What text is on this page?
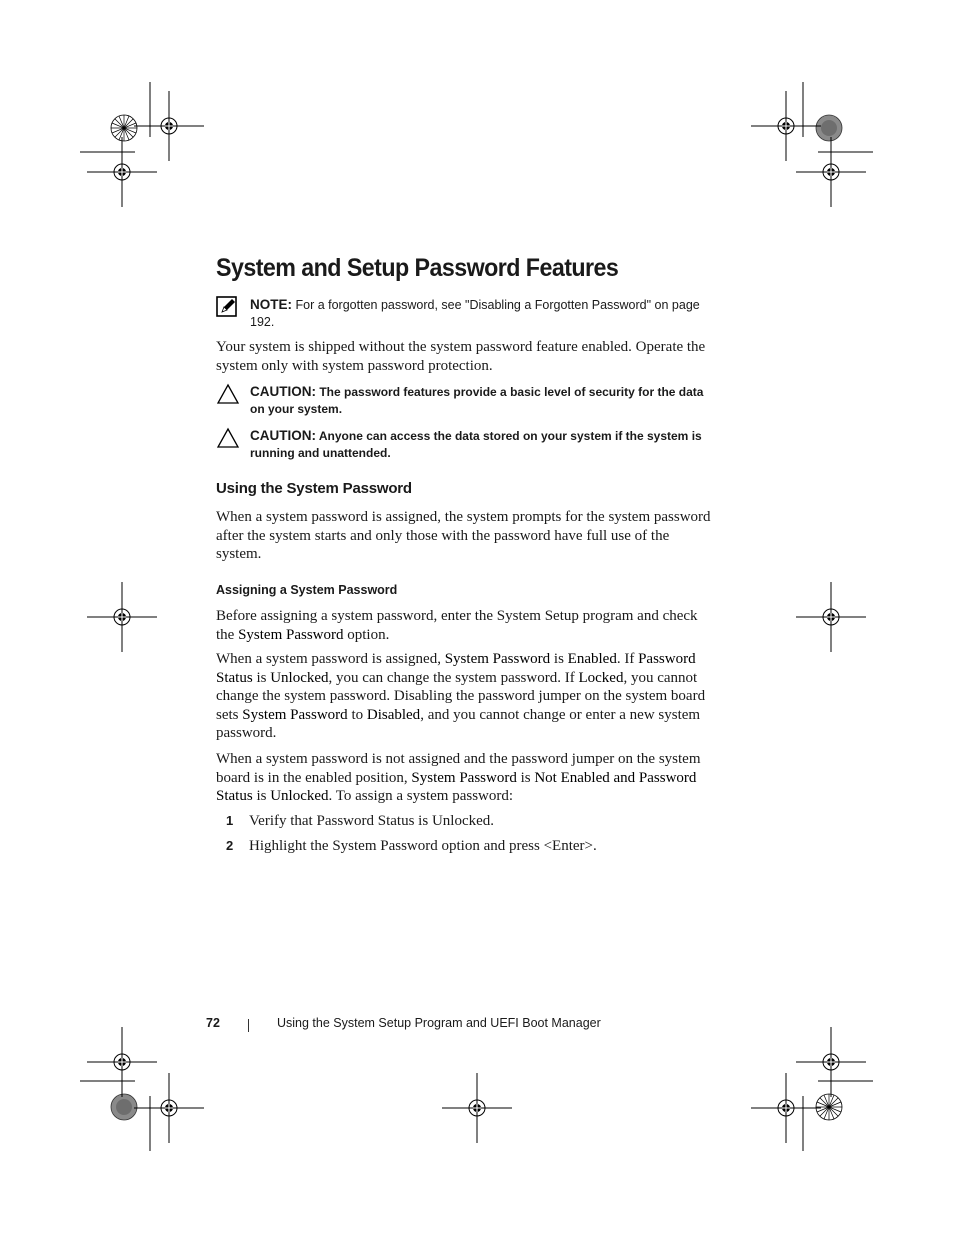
System and Setup Password Features
NOTE: For a forgotten password, see "Disabling a Forgotten Password" on page 192.

Your system is shipped without the system password feature enabled. Operate the system only with system password protection.

CAUTION: The password features provide a basic level of security for the data on your system.
CAUTION: Anyone can access the data stored on your system if the system is running and unattended.
Using the System Password

When a system password is assigned, the system prompts for the system password after the system starts and only those with the password have full use of the system.

Assigning a System Password

Before assigning a system password, enter the System Setup program and check the System Password option.

When a system password is assigned, System Password is Enabled. If Password Status is Unlocked, you can change the system password. If Locked, you cannot change the system password. Disabling the password jumper on the system board sets System Password to Disabled, and you cannot change or enter a new system password.

When a system password is not assigned and the password jumper on the system board is in the enabled position, System Password is Not Enabled and Password Status is Unlocked. To assign a system password:

1 Verify that Password Status is Unlocked.
2 Highlight the System Password option and press <Enter>.
72	Using the System Setup Program and UEFI Boot Manager
